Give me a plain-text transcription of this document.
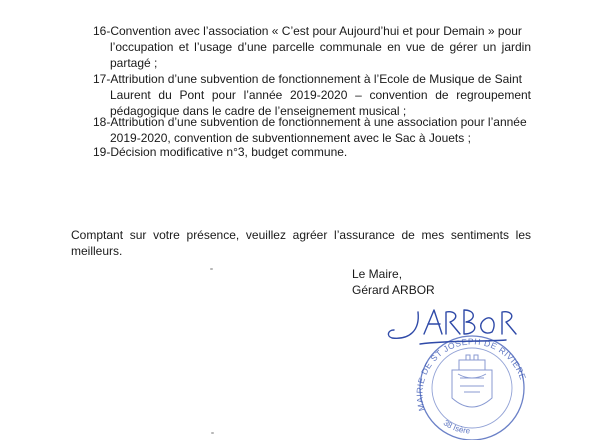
16-Convention avec l’association « C’est pour Aujourd’hui et pour Demain » pour
l’occupation et l’usage d’une parcelle communale en vue de gérer un jardin partagé ;
17-Attribution d’une subvention de fonctionnement à l’Ecole de Musique de Saint
Laurent du Pont pour l’année 2019-2020 – convention de regroupement pédagogique dans le cadre de l’enseignement musical ;
18-Attribution d’une subvention de fonctionnement à une association pour l’année
2019-2020, convention de subventionnement avec le Sac à Jouets ;
19-Décision modificative n°3, budget commune.

Comptant sur votre présence, veuillez agréer l’assurance de mes sentiments les meilleurs.

Le Maire,
Gérard ARBOR
MAIRIE DE ST JOSEPH DE RIVIERE
38 Isère
